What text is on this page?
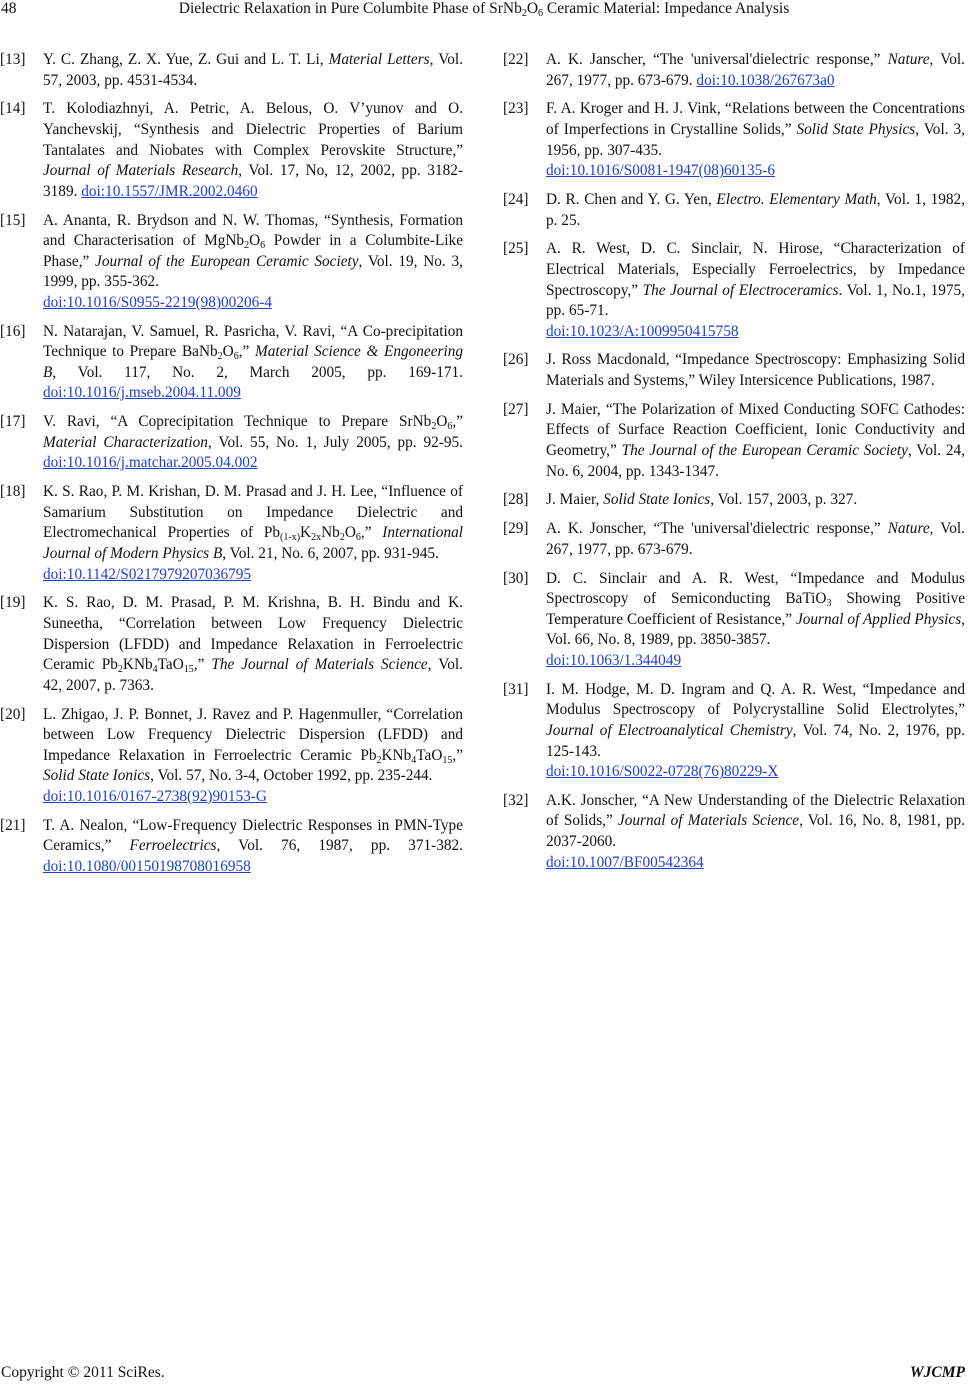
48	Dielectric Relaxation in Pure Columbite Phase of $SrNb_2O_6$ Ceramic Material: Impedance Analysis
[13]	Y. C. Zhang, Z. X. Yue, Z. Gui and L. T. Li, Material Letters, Vol. 57, 2003, pp. 4531-4534.
[14]	T. Kolodiazhnyi, A. Petric, A. Belous, O. V’yunov and O. Yanchevskij, “Synthesis and Dielectric Properties of Barium Tantalates and Niobates with Complex Perovskite Structure,” Journal of Materials Research, Vol. 17, No, 12, 2002, pp. 3182-3189. doi:10.1557/JMR.2002.0460
[15]	A. Ananta, R. Brydson and N. W. Thomas, “Synthesis, Formation and Characterisation of $MgNb_2O_6$ Powder in a Columbite-Like Phase,” Journal of the European Ceramic Society, Vol. 19, No. 3, 1999, pp. 355-362.
doi:10.1016/S0955-2219(98)00206-4
[16]	N. Natarajan, V. Samuel, R. Pasricha, V. Ravi, “A Co-precipitation Technique to Prepare $BaNb_2O_6$,” Material Science & Engoneering B, Vol. 117, No. 2, March 2005, pp. 169-171. doi:10.1016/j.mseb.2004.11.009
[17]	V. Ravi, “A Coprecipitation Technique to Prepare $SrNb_2O_6$,” Material Characterization, Vol. 55, No. 1, July 2005, pp. 92-95. doi:10.1016/j.matchar.2005.04.002
[18]	K. S. Rao, P. M. Krishan, D. M. Prasad and J. H. Lee, “Influence of Samarium Substitution on Impedance Dielectric and Electromechanical Properties of $Pb_{(1-x)}K_{2x}Nb_2O_6$,” International Journal of Modern Physics B, Vol. 21, No. 6, 2007, pp. 931-945.
doi:10.1142/S0217979207036795
[19]	K. S. Rao, D. M. Prasad, P. M. Krishna, B. H. Bindu and K. Suneetha, “Correlation between Low Frequency Dielectric Dispersion (LFDD) and Impedance Relaxation in Ferroelectric Ceramic $Pb_2KNb_4TaO_{15}$,” The Journal of Materials Science, Vol. 42, 2007, p. 7363.
[20]	L. Zhigao, J. P. Bonnet, J. Ravez and P. Hagenmuller, “Correlation between Low Frequency Dielectric Dispersion (LFDD) and Impedance Relaxation in Ferroelectric Ceramic $Pb_2KNb_4TaO_{15}$,” Solid State Ionics, Vol. 57, No. 3-4, October 1992, pp. 235-244.
doi:10.1016/0167-2738(92)90153-G
[21]	T. A. Nealon, “Low-Frequency Dielectric Responses in PMN-Type Ceramics,” Ferroelectrics, Vol. 76, 1987, pp. 371-382. doi:10.1080/00150198708016958
[22]	A. K. Janscher, “The 'universal'dielectric response,” Nature, Vol. 267, 1977, pp. 673-679. doi:10.1038/267673a0
[23]	F. A. Kroger and H. J. Vink, “Relations between the Concentrations of Imperfections in Crystalline Solids,” Solid State Physics, Vol. 3, 1956, pp. 307-435.
doi:10.1016/S0081-1947(08)60135-6
[24]	D. R. Chen and Y. G. Yen, Electro. Elementary Math, Vol. 1, 1982, p. 25.
[25]	A. R. West, D. C. Sinclair, N. Hirose, “Characterization of Electrical Materials, Especially Ferroelectrics, by Impedance Spectroscopy,” The Journal of Electroceramics. Vol. 1, No.1, 1975, pp. 65-71.
doi:10.1023/A:1009950415758
[26]	J. Ross Macdonald, “Impedance Spectroscopy: Emphasizing Solid Materials and Systems,” Wiley Intersicence Publications, 1987.
[27]	J. Maier, “The Polarization of Mixed Conducting SOFC Cathodes: Effects of Surface Reaction Coefficient, Ionic Conductivity and Geometry,” The Journal of the European Ceramic Society, Vol. 24, No. 6, 2004, pp. 1343-1347.
[28]	J. Maier, Solid State Ionics, Vol. 157, 2003, p. 327.
[29]	A. K. Jonscher, “The 'universal'dielectric response,” Nature, Vol. 267, 1977, pp. 673-679.
[30]	D. C. Sinclair and A. R. West, “Impedance and Modulus Spectroscopy of Semiconducting BaTiO$_3$ Showing Positive Temperature Coefficient of Resistance,” Journal of Applied Physics, Vol. 66, No. 8, 1989, pp. 3850-3857.
doi:10.1063/1.344049
[31]	I. M. Hodge, M. D. Ingram and Q. A. R. West, “Impedance and Modulus Spectroscopy of Polycrystalline Solid Electrolytes,” Journal of Electroanalytical Chemistry, Vol. 74, No. 2, 1976, pp. 125-143.
doi:10.1016/S0022-0728(76)80229-X
[32]	A.K. Jonscher, “A New Understanding of the Dielectric Relaxation of Solids,” Journal of Materials Science, Vol. 16, No. 8, 1981, pp. 2037-2060.
doi:10.1007/BF00542364
Copyright © 2011 SciRes.	WJCMP
